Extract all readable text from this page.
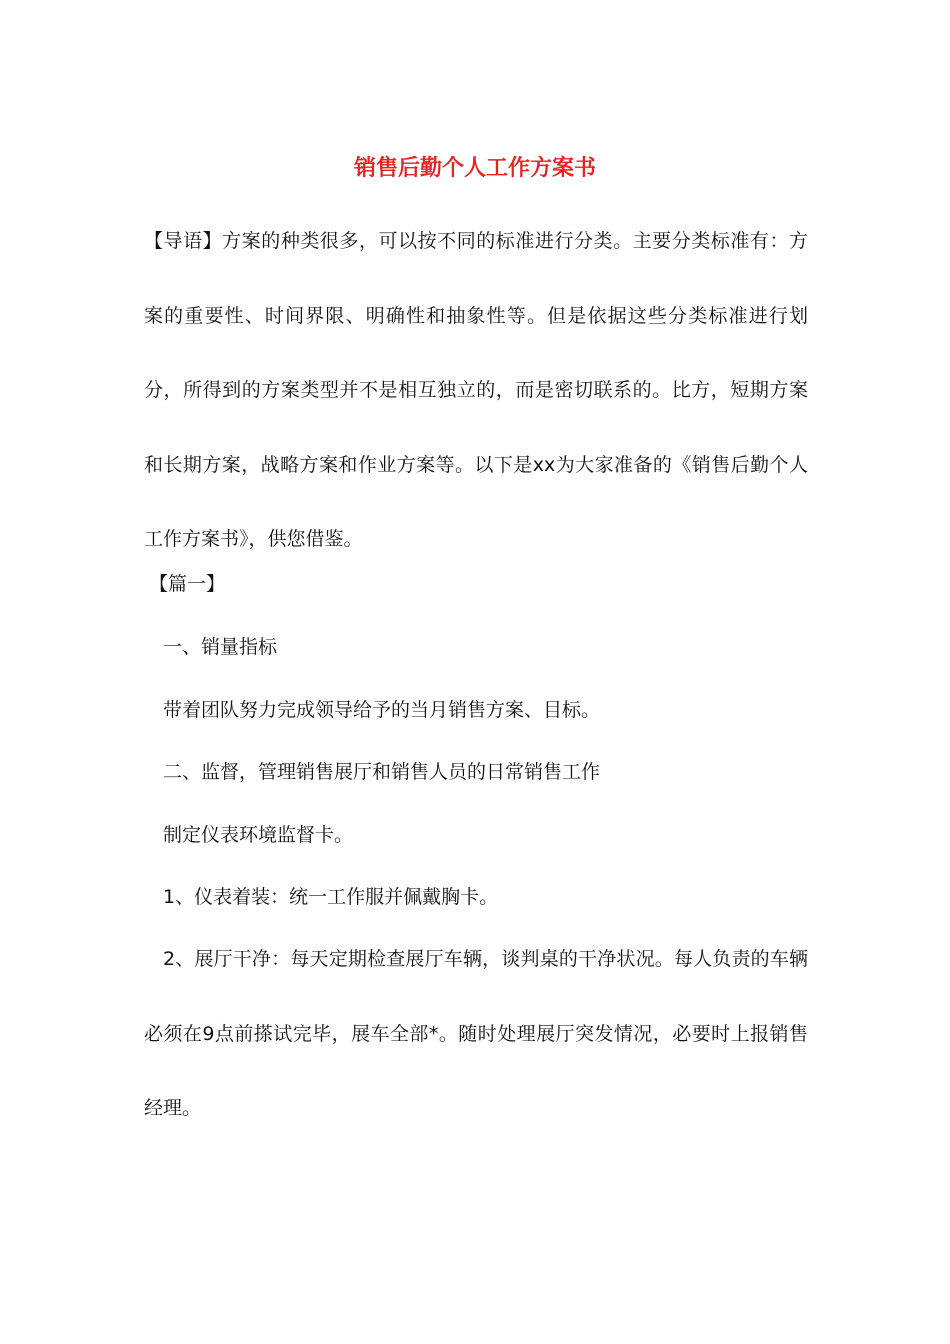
销售后勤个人工作方案书

【导语】方案的种类很多，可以按不同的标准进行分类。主要分类标准有：方案的重要性、时间界限、明确性和抽象性等。但是依据这些分类标准进行划分，所得到的方案类型并不是相互独立的，而是密切联系的。比方，短期方案和长期方案，战略方案和作业方案等。以下是xx为大家准备的《销售后勤个人工作方案书》，供您借鉴。

【篇一】

一、销量指标

带着团队努力完成领导给予的当月销售方案、目标。

二、监督，管理销售展厅和销售人员的日常销售工作

制定仪表环境监督卡。

1、仪表着装：统一工作服并佩戴胸卡。

2、展厅干净：每天定期检查展厅车辆，谈判桌的干净状况。每人负责的车辆必须在9点前搽试完毕，展车全部*。随时处理展厅突发情况，必要时上报销售经理。
